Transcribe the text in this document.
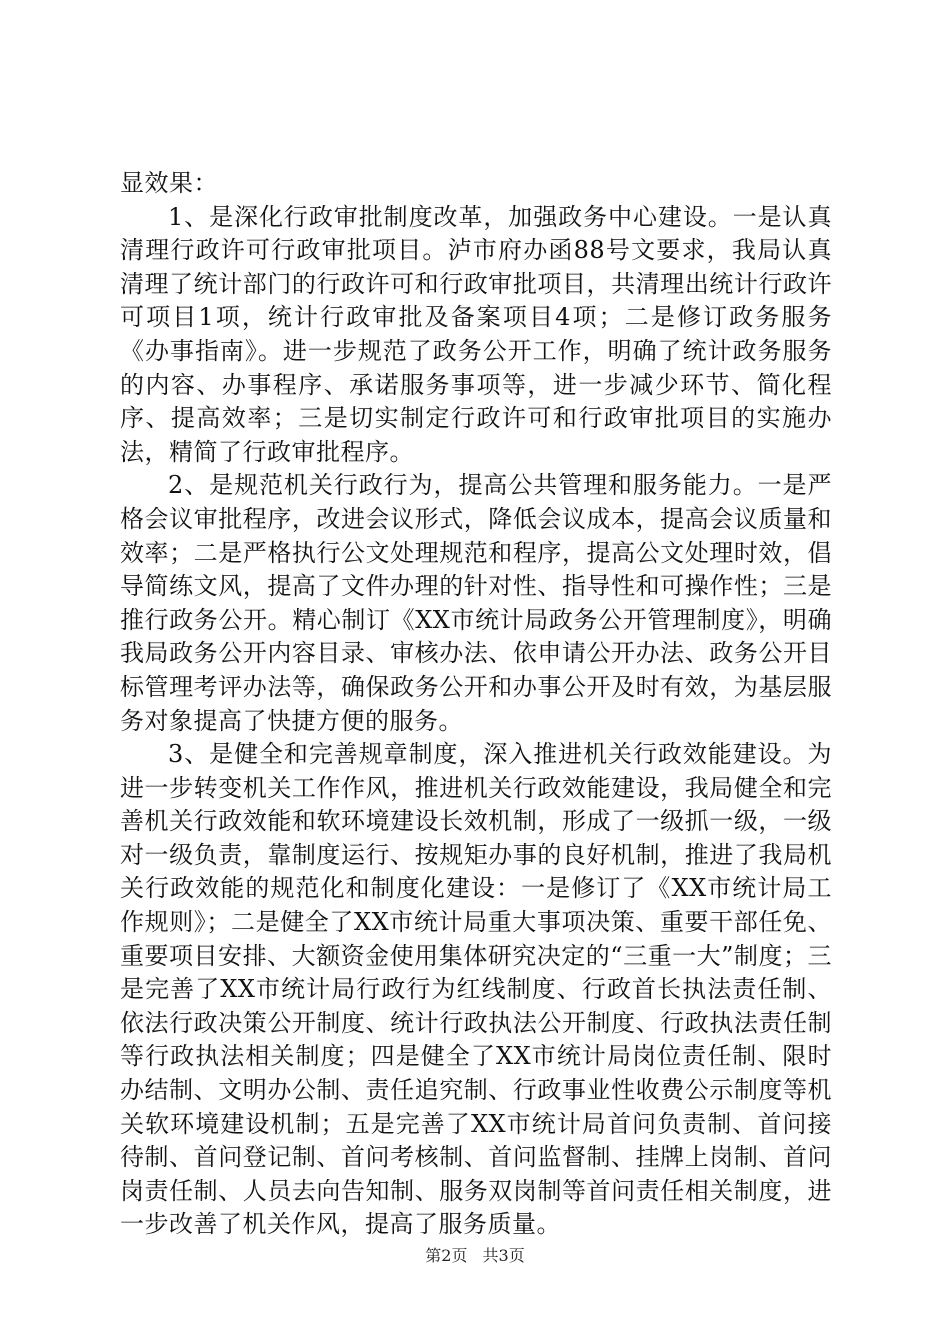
显效果：

1、是深化行政审批制度改革，加强政务中心建设。一是认真清理行政许可行政审批项目。泸市府办函88号文要求，我局认真清理了统计部门的行政许可和行政审批项目，共清理出统计行政许可项目1项，统计行政审批及备案项目4项；二是修订政务服务《办事指南》。进一步规范了政务公开工作，明确了统计政务服务的内容、办事程序、承诺服务事项等，进一步减少环节、简化程序、提高效率；三是切实制定行政许可和行政审批项目的实施办法，精简了行政审批程序。

2、是规范机关行政行为，提高公共管理和服务能力。一是严格会议审批程序，改进会议形式，降低会议成本，提高会议质量和效率；二是严格执行公文处理规范和程序，提高公文处理时效，倡导简练文风，提高了文件办理的针对性、指导性和可操作性；三是推行政务公开。精心制订《XX市统计局政务公开管理制度》，明确我局政务公开内容目录、审核办法、依申请公开办法、政务公开目标管理考评办法等，确保政务公开和办事公开及时有效，为基层服务对象提高了快捷方便的服务。

3、是健全和完善规章制度，深入推进机关行政效能建设。为进一步转变机关工作作风，推进机关行政效能建设，我局健全和完善机关行政效能和软环境建设长效机制，形成了一级抓一级，一级对一级负责，靠制度运行、按规矩办事的良好机制，推进了我局机关行政效能的规范化和制度化建设：一是修订了《XX市统计局工作规则》；二是健全了XX市统计局重大事项决策、重要干部任免、重要项目安排、大额资金使用集体研究决定的“三重一大”制度；三是完善了XX市统计局行政行为红线制度、行政首长执法责任制、依法行政决策公开制度、统计行政执法公开制度、行政执法责任制等行政执法相关制度；四是健全了XX市统计局岗位责任制、限时办结制、文明办公制、责任追究制、行政事业性收费公示制度等机关软环境建设机制；五是完善了XX市统计局首问负责制、首问接待制、首问登记制、首问考核制、首问监督制、挂牌上岗制、首问岗责任制、人员去向告知制、服务双岗制等首问责任相关制度，进一步改善了机关作风，提高了服务质量。

第2页 共3页
